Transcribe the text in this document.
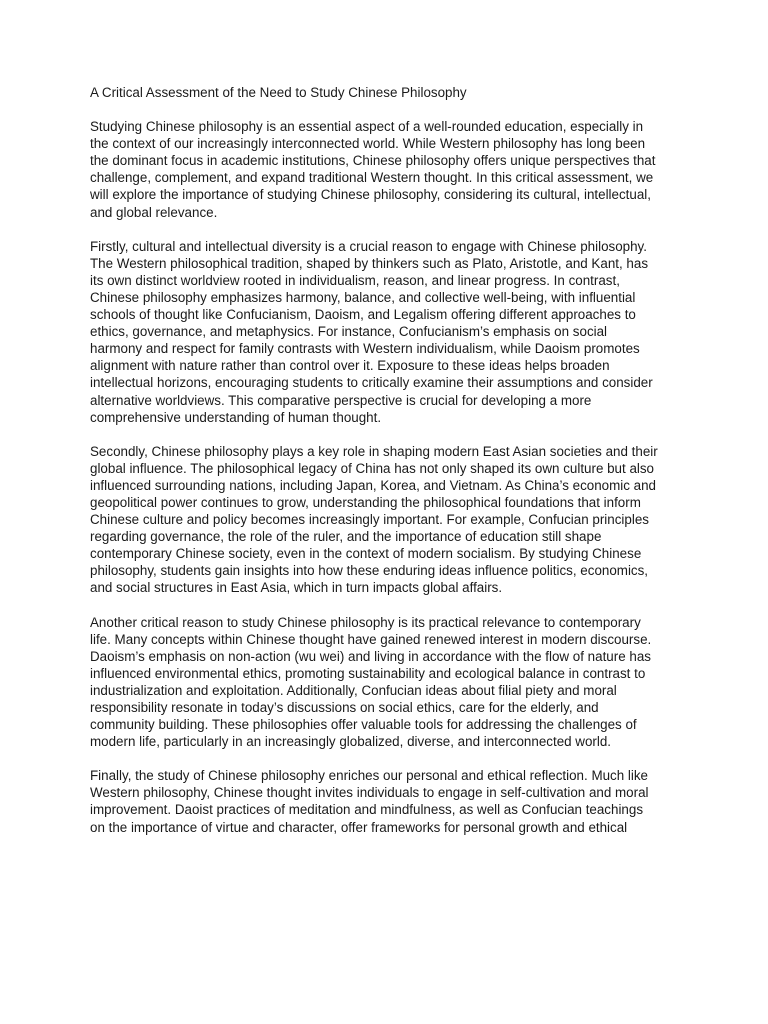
A Critical Assessment of the Need to Study Chinese Philosophy

Studying Chinese philosophy is an essential aspect of a well-rounded education, especially in
the context of our increasingly interconnected world. While Western philosophy has long been
the dominant focus in academic institutions, Chinese philosophy offers unique perspectives that
challenge, complement, and expand traditional Western thought. In this critical assessment, we
will explore the importance of studying Chinese philosophy, considering its cultural, intellectual,
and global relevance.

Firstly, cultural and intellectual diversity is a crucial reason to engage with Chinese philosophy.
The Western philosophical tradition, shaped by thinkers such as Plato, Aristotle, and Kant, has
its own distinct worldview rooted in individualism, reason, and linear progress. In contrast,
Chinese philosophy emphasizes harmony, balance, and collective well-being, with influential
schools of thought like Confucianism, Daoism, and Legalism offering different approaches to
ethics, governance, and metaphysics. For instance, Confucianism’s emphasis on social
harmony and respect for family contrasts with Western individualism, while Daoism promotes
alignment with nature rather than control over it. Exposure to these ideas helps broaden
intellectual horizons, encouraging students to critically examine their assumptions and consider
alternative worldviews. This comparative perspective is crucial for developing a more
comprehensive understanding of human thought.

Secondly, Chinese philosophy plays a key role in shaping modern East Asian societies and their
global influence. The philosophical legacy of China has not only shaped its own culture but also
influenced surrounding nations, including Japan, Korea, and Vietnam. As China’s economic and
geopolitical power continues to grow, understanding the philosophical foundations that inform
Chinese culture and policy becomes increasingly important. For example, Confucian principles
regarding governance, the role of the ruler, and the importance of education still shape
contemporary Chinese society, even in the context of modern socialism. By studying Chinese
philosophy, students gain insights into how these enduring ideas influence politics, economics,
and social structures in East Asia, which in turn impacts global affairs.

Another critical reason to study Chinese philosophy is its practical relevance to contemporary
life. Many concepts within Chinese thought have gained renewed interest in modern discourse.
Daoism’s emphasis on non-action (wu wei) and living in accordance with the flow of nature has
influenced environmental ethics, promoting sustainability and ecological balance in contrast to
industrialization and exploitation. Additionally, Confucian ideas about filial piety and moral
responsibility resonate in today’s discussions on social ethics, care for the elderly, and
community building. These philosophies offer valuable tools for addressing the challenges of
modern life, particularly in an increasingly globalized, diverse, and interconnected world.

Finally, the study of Chinese philosophy enriches our personal and ethical reflection. Much like
Western philosophy, Chinese thought invites individuals to engage in self-cultivation and moral
improvement. Daoist practices of meditation and mindfulness, as well as Confucian teachings
on the importance of virtue and character, offer frameworks for personal growth and ethical
